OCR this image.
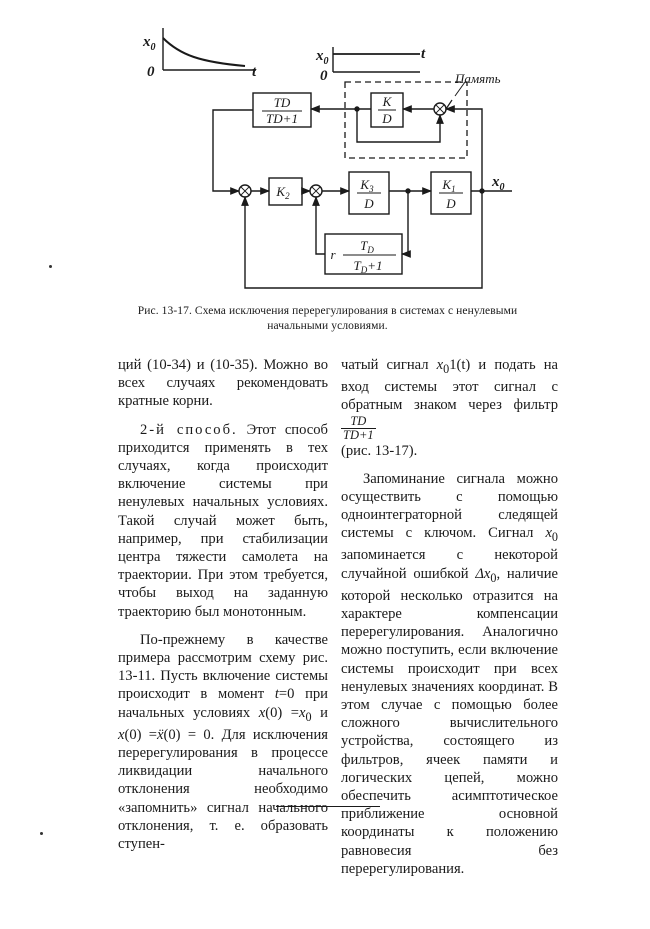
TD
TD+1
K
D
$K_2$
$K_3$
D
$K_1$
D
r
$T_D$
$T_D+1$
$x_0$
0	t
$x_0$
0
t
$x_0$
Память
Рис. 13-17. Схема исключения перерегулирования в системах с ненулевыми начальными условиями.

ций (10-34) и (10-35). Можно во всех случаях рекомендовать кратные корни.

2-й способ. Этот способ приходится применять в тех случаях, когда происходит включение системы при ненулевых начальных условиях. Такой случай может быть, например, при стабилизации центра тяжести самолета на траектории. При этом требуется, чтобы выход на заданную траекторию был монотонным.

По-прежнему в качестве примера рассмотрим схему рис. 13-11. Пусть включение системы происходит в момент t=0 при начальных условиях $x(0) =x_0$ и x(0) =ẍ(0) = 0. Для исключения перерегулирования в процессе ликвидации начального отклонения необходимо «запомнить» сигнал начального отклонения, т. е. образовать ступен-

чатый сигнал $x_01(t)$ и подать на вход системы этот сигнал с обратным знаком через фильтр
$\frac{TD}{TD+1}$

(рис. 13-17).

Запоминание сигнала можно осуществить с помощью одноинтеграторной следящей системы с ключом. Сигнал $x_0$ запоминается с некоторой случайной ошибкой $\Delta x_0$, наличие которой несколько отразится на характере компенсации перерегулирования. Аналогично можно поступить, если включение системы происходит при всех ненулевых значениях координат. В этом случае с помощью более сложного вычислительного устройства, состоящего из фильтров, ячеек памяти и логических цепей, можно обеспечить асимптотическое приближение основной координаты к положению равновесия без перерегулирования.
